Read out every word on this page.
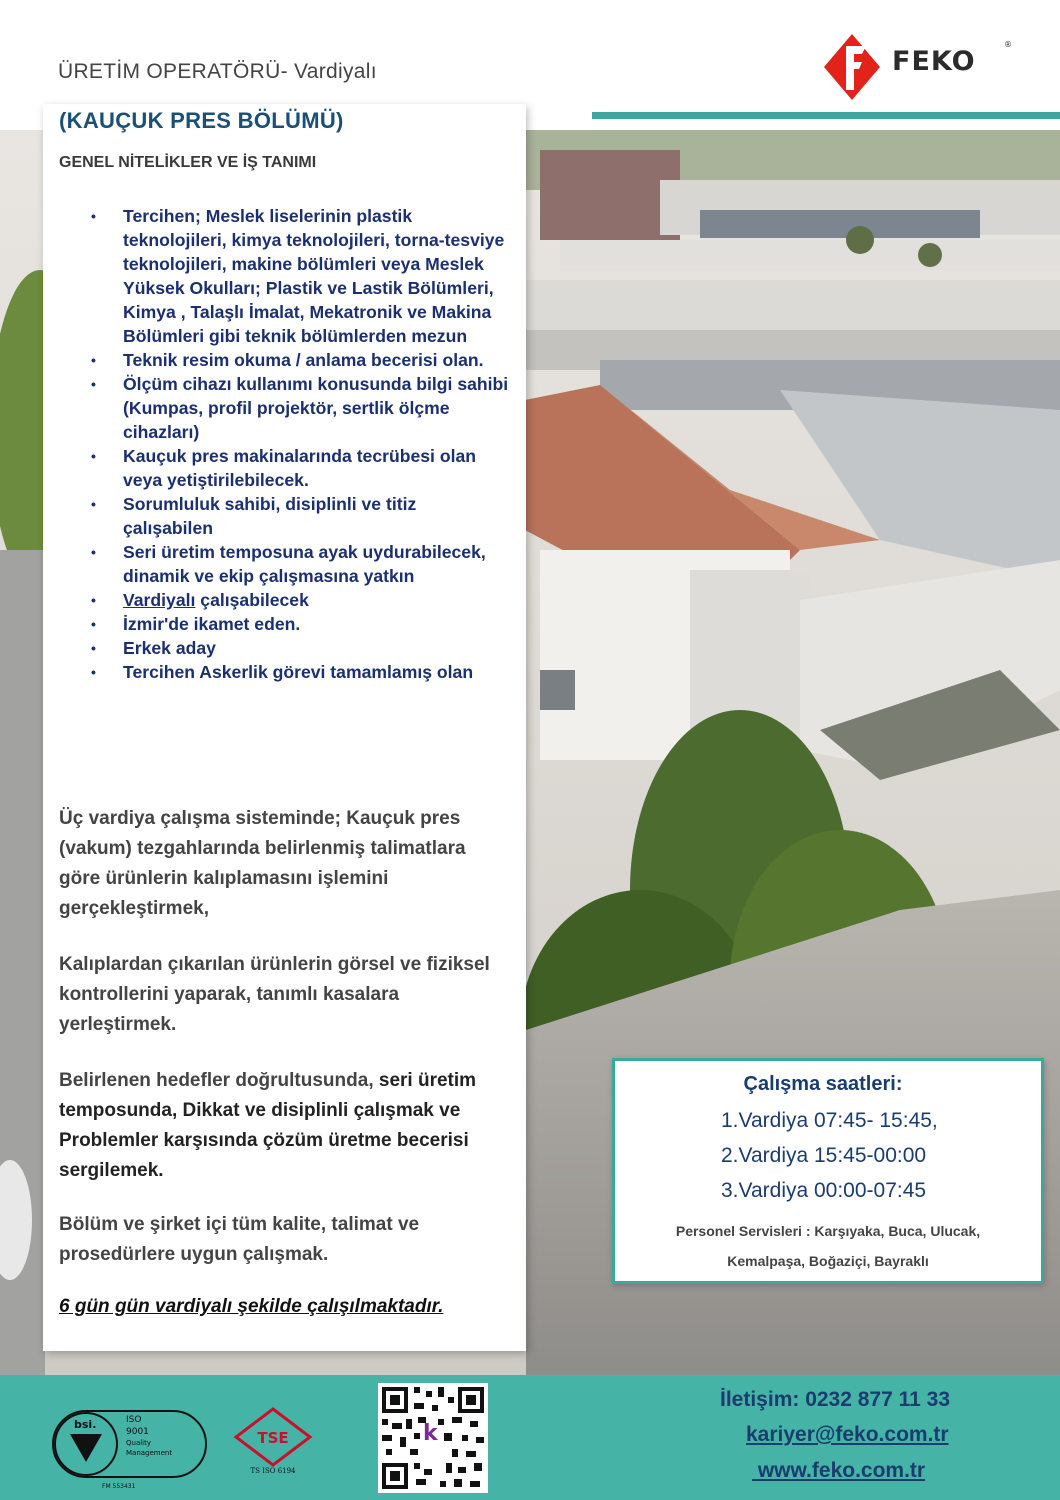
ÜRETİM OPERATÖRÜ- Vardiyalı	FEKO
®
(KAUÇUK PRES BÖLÜMÜ)
GENEL NİTELİKLER VE İŞ TANIMI
• Tercihen; Meslek liselerinin plastik teknolojileri, kimya teknolojileri, torna-tesviye teknolojileri, makine bölümleri veya Meslek Yüksek Okulları; Plastik ve Lastik Bölümleri, Kimya , Talaşlı İmalat, Mekatronik ve Makina Bölümleri gibi teknik bölümlerden mezun
• Teknik resim okuma / anlama becerisi olan.
• Ölçüm cihazı kullanımı konusunda bilgi sahibi (Kumpas, profil projektör, sertlik ölçme cihazları)
• Kauçuk pres makinalarında tecrübesi olan veya yetiştirilebilecek.
• Sorumluluk sahibi, disiplinli ve titiz çalışabilen
• Seri üretim temposuna ayak uydurabilecek, dinamik ve ekip çalışmasına yatkın
• Vardiyalı çalışabilecek
• İzmir'de ikamet eden.
• Erkek aday
• Tercihen Askerlik görevi tamamlamış olan
Üç vardiya çalışma sisteminde; Kauçuk pres (vakum) tezgahlarında belirlenmiş talimatlara göre ürünlerin kalıplamasını işlemini gerçekleştirmek,
Kalıplardan çıkarılan ürünlerin görsel ve fiziksel kontrollerini yaparak, tanımlı kasalara yerleştirmek.
Belirlenen hedefler doğrultusunda, seri üretim temposunda, Dikkat ve disiplinli çalışmak ve Problemler karşısında çözüm üretme becerisi sergilemek.
Bölüm ve şirket içi tüm kalite, talimat ve prosedürlere uygun çalışmak.
6 gün gün vardiyalı şekilde çalışılmaktadır.
Çalışma saatleri:
1.Vardiya 07:45- 15:45,
2.Vardiya 15:45-00:00
3.Vardiya 00:00-07:45
Personel Servisleri : Karşıyaka, Buca, Ulucak,
Kemalpaşa, Boğaziçi, Bayraklı
bsi.	ISO
9001
Quality
Management
FM 553431
TSE
TS ISO 6194
k
İletişim: 0232 877 11 33
kariyer@feko.com.tr
www.feko.com.tr
